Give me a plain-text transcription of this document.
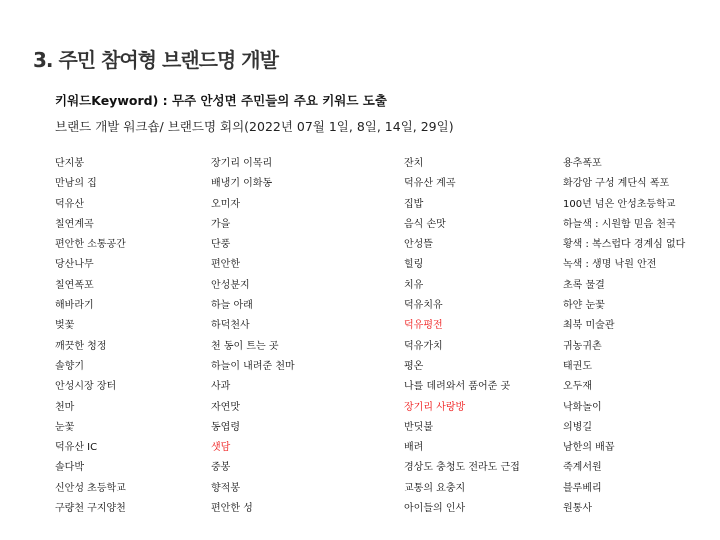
3. 주민 참여형 브랜드명 개발
키워드Keyword) : 무주 안성면 주민들의 주요 키워드 도출
브랜드 개발 워크숍/ 브랜드명 회의(2022년 07월 1일, 8일, 14일, 29일)
단지봉
만남의 집
덕유산
칠연계곡
편안한 소통공간
당산나무
칠연폭포
해바라기
벚꽃
깨끗한 청정
솔향기
안성시장 장터
천마
눈꽃
덕유산 IC
솔다박
신안성 초등학교
구량천 구지양천
장기리 이목리
배냉기 이화동
오미자
가을
단풍
편안한
안성분지
하늘 아래
하덕천사
천 동이 트는 곳
하늘이 내려준 천마
사과
자연맛
동엽령
샛담
중봉
향적봉
편안한 성
잔치
덕유산 계곡
집밥
음식 손맛
안성뜰
힐링
치유
덕유치유
덕유평전
덕유가치
평온
나를 데려와서 품어준 곳
장기리 사랑방
반딧불
배려
경상도 충청도 전라도 근접
교통의 요충지
아이들의 인사
용추폭포
화강암 구성 계단식 폭포
100년 넘은 안성초등학교
하늘색 : 시원함 믿음 천국
황색 : 복스럽다 경계심 없다
녹색 : 생명 낙원 안전
초록 물결
하얀 눈꽃
최북 미술관
귀농귀촌
태권도
오두재
낙화놀이
의병길
남한의 배꼽
죽계서원
블루베리
원통사
